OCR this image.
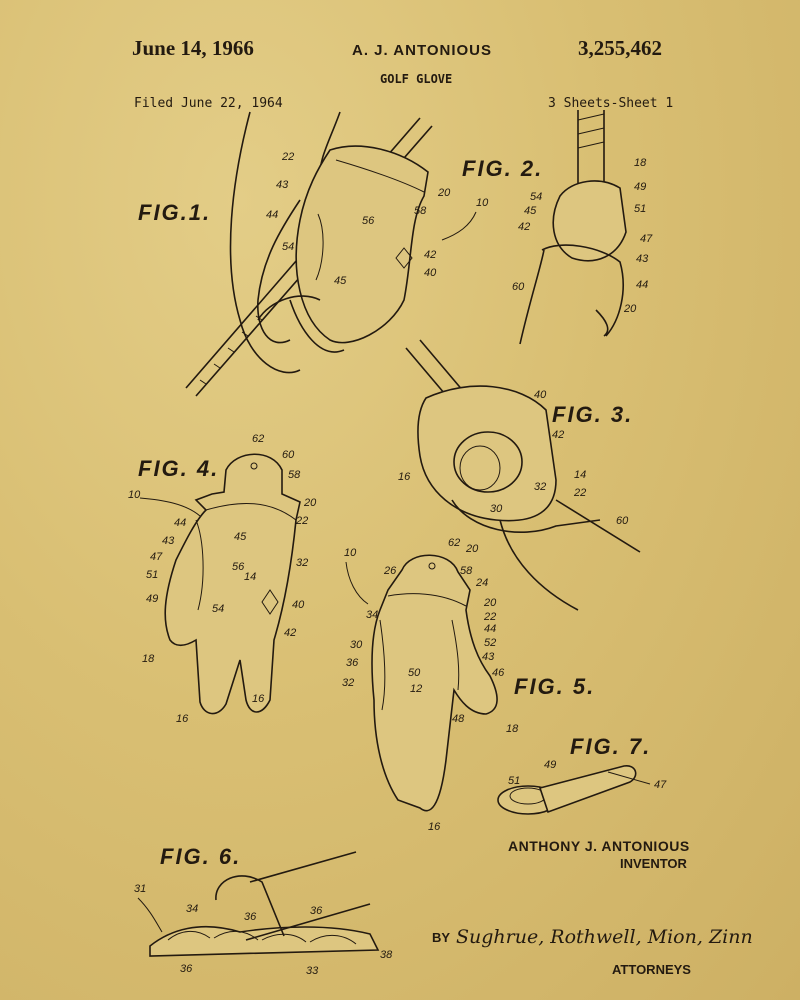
June 14, 1966	A. J. ANTONIOUS	3,255,462
GOLF GLOVE
Filed June 22, 1964	3 Sheets-Sheet 1
FIG.1.
FIG. 2.
FIG. 3.
FIG. 4.
FIG. 5.
FIG. 6.
FIG. 7.
22
43
44
54
56
45
20
58
42
40
10
18
49
51
47
43
44
20
54
45
42
60
40
42
14
22
60
16
32
30
20
62
60
58
20
22
10
44
45
43
47
51
56
14
49
54
32
40
42
18
16
16
10
62
26	58
24
20
22
44
52
43
46
34
30
36
32
50
12
48
18
16
31
34
36	36
36	33
38
49
47
51
ANTHONY J. ANTONIOUS
INVENTOR
BY Sughrue, Rothwell, Mion, Zinn
ATTORNEYS
